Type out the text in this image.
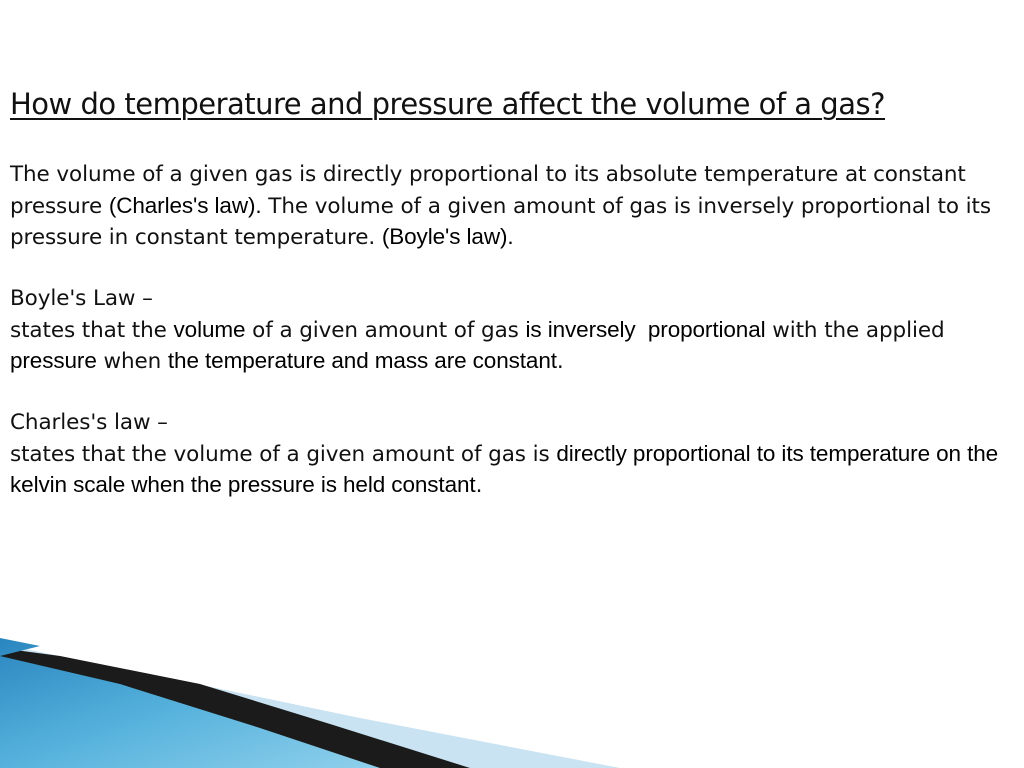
How do temperature and pressure affect the volume of a gas?

The volume of a given gas is directly proportional to its absolute temperature at constant pressure (Charles's law). The volume of a given amount of gas is inversely proportional to its pressure in constant temperature. (Boyle's law).

Boyle's Law –
states that the volume of a given amount of gas is inversely  proportional with the applied pressure when the temperature and mass are constant.

Charles's law –
states that the volume of a given amount of gas is directly proportional to its temperature on the kelvin scale when the pressure is held constant.
